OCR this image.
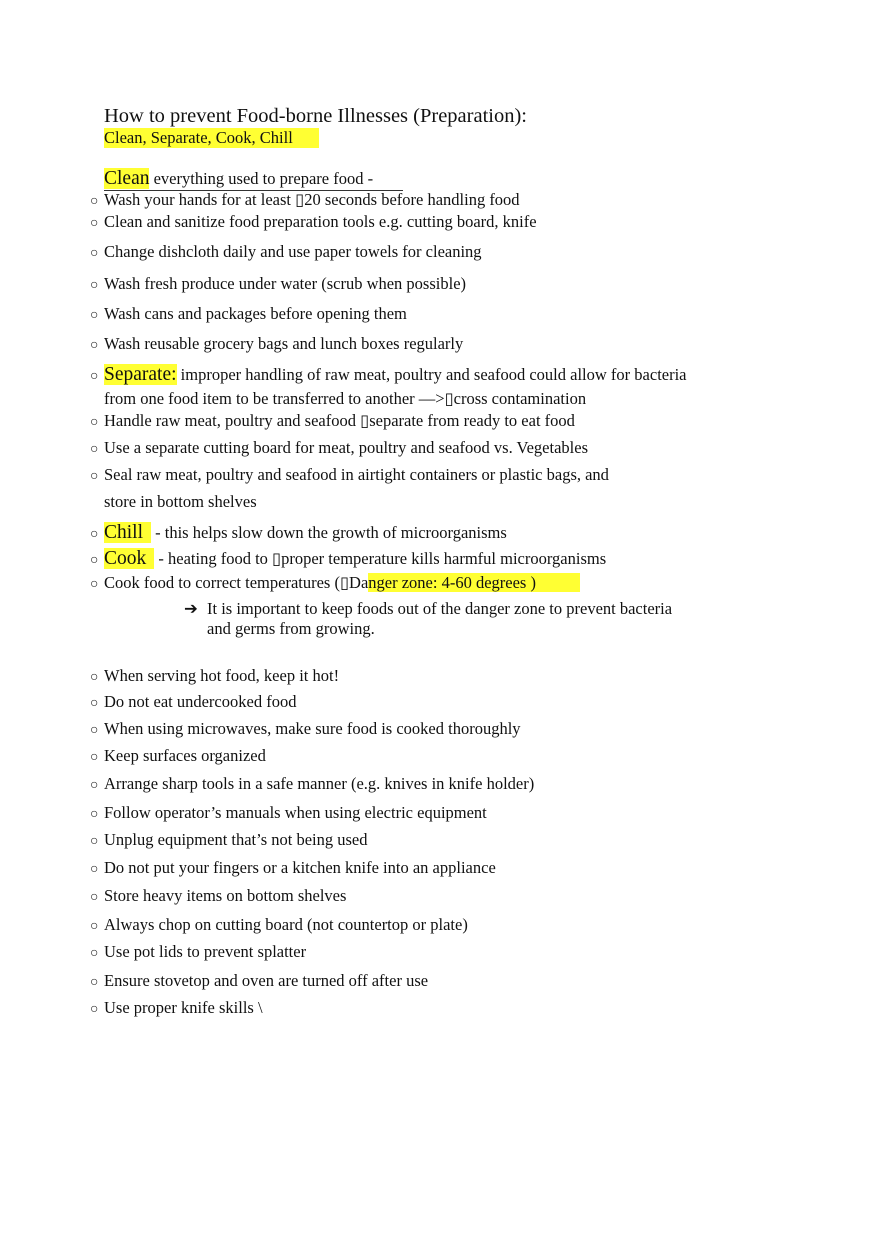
How to prevent Food-borne Illnesses (Preparation):
Clean, Separate, Cook, Chill
Clean everything used to prepare food -
○ Wash your hands for at least ▯20 seconds before handling food
○ Clean and sanitize food preparation tools e.g. cutting board, knife
○ Change dishcloth daily and use paper towels for cleaning
○ Wash fresh produce under water (scrub when possible)
○ Wash cans and packages before opening them
○ Wash reusable grocery bags and lunch boxes regularly
○ Separate: improper handling of raw meat, poultry and seafood could allow for bacteria
from one food item to be transferred to another —>▯cross contamination
○ Handle raw meat, poultry and seafood ▯separate from ready to eat food
○ Use a separate cutting board for meat, poultry and seafood vs. Vegetables
○ Seal raw meat, poultry and seafood in airtight containers or plastic bags, and
store in bottom shelves
○ Chill - this helps slow down the growth of microorganisms
○ Cook - heating food to ▯proper temperature kills harmful microorganisms
○ Cook food to correct temperatures (▯Danger zone: 4-60 degrees )
➔ It is important to keep foods out of the danger zone to prevent bacteria
and germs from growing.
○ When serving hot food, keep it hot!
○ Do not eat undercooked food
○ When using microwaves, make sure food is cooked thoroughly
○ Keep surfaces organized
○ Arrange sharp tools in a safe manner (e.g. knives in knife holder)
○ Follow operator’s manuals when using electric equipment
○ Unplug equipment that’s not being used
○ Do not put your fingers or a kitchen knife into an appliance
○ Store heavy items on bottom shelves
○ Always chop on cutting board (not countertop or plate)
○ Use pot lids to prevent splatter
○ Ensure stovetop and oven are turned off after use
○ Use proper knife skills \
